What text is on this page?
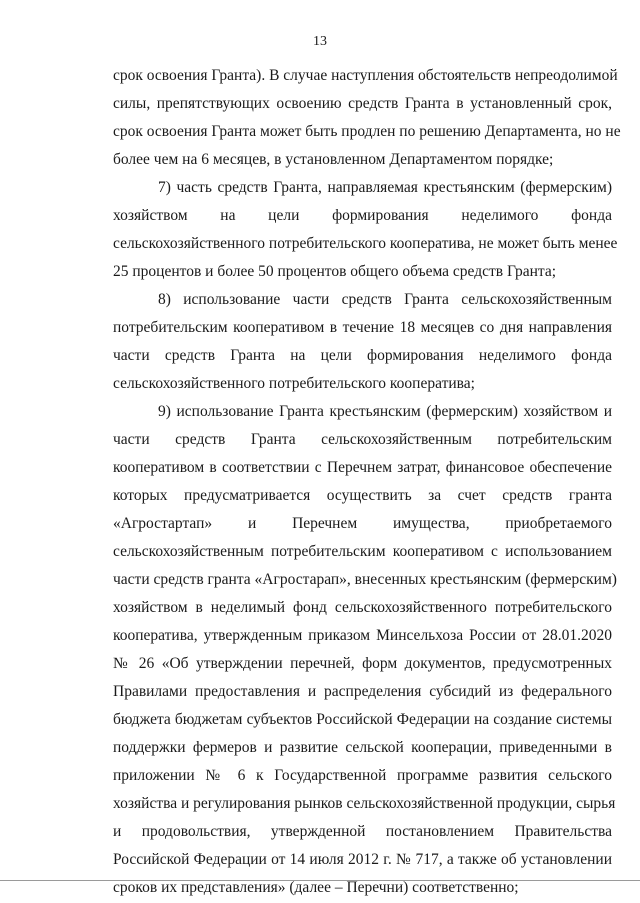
13
срок освоения Гранта). В случае наступления обстоятельств непреодолимой
силы, препятствующих освоению средств Гранта в установленный срок,
срок освоения Гранта может быть продлен по решению Департамента, но не
более чем на 6 месяцев, в установленном Департаментом порядке;
7) часть средств Гранта, направляемая крестьянским (фермерским)
хозяйством на цели формирования неделимого фонда
сельскохозяйственного потребительского кооператива, не может быть менее
25 процентов и более 50 процентов общего объема средств Гранта;
8) использование части средств Гранта сельскохозяйственным
потребительским кооперативом в течение 18 месяцев со дня направления
части средств Гранта на цели формирования неделимого фонда
сельскохозяйственного потребительского кооператива;
9) использование Гранта крестьянским (фермерским) хозяйством и
части средств Гранта сельскохозяйственным потребительским
кооперативом в соответствии с Перечнем затрат, финансовое обеспечение
которых предусматривается осуществить за счет средств гранта
«Агростартап» и Перечнем имущества, приобретаемого
сельскохозяйственным потребительским кооперативом с использованием
части средств гранта «Агростарап», внесенных крестьянским (фермерским)
хозяйством в неделимый фонд сельскохозяйственного потребительского
кооператива, утвержденным приказом Минсельхоза России от 28.01.2020
№ 26 «Об утверждении перечней, форм документов, предусмотренных
Правилами предоставления и распределения субсидий из федерального
бюджета бюджетам субъектов Российской Федерации на создание системы
поддержки фермеров и развитие сельской кооперации, приведенными в
приложении № 6 к Государственной программе развития сельского
хозяйства и регулирования рынков сельскохозяйственной продукции, сырья
и продовольствия, утвержденной постановлением Правительства
Российской Федерации от 14 июля 2012 г. № 717, а также об установлении
сроков их представления» (далее – Перечни) соответственно;
